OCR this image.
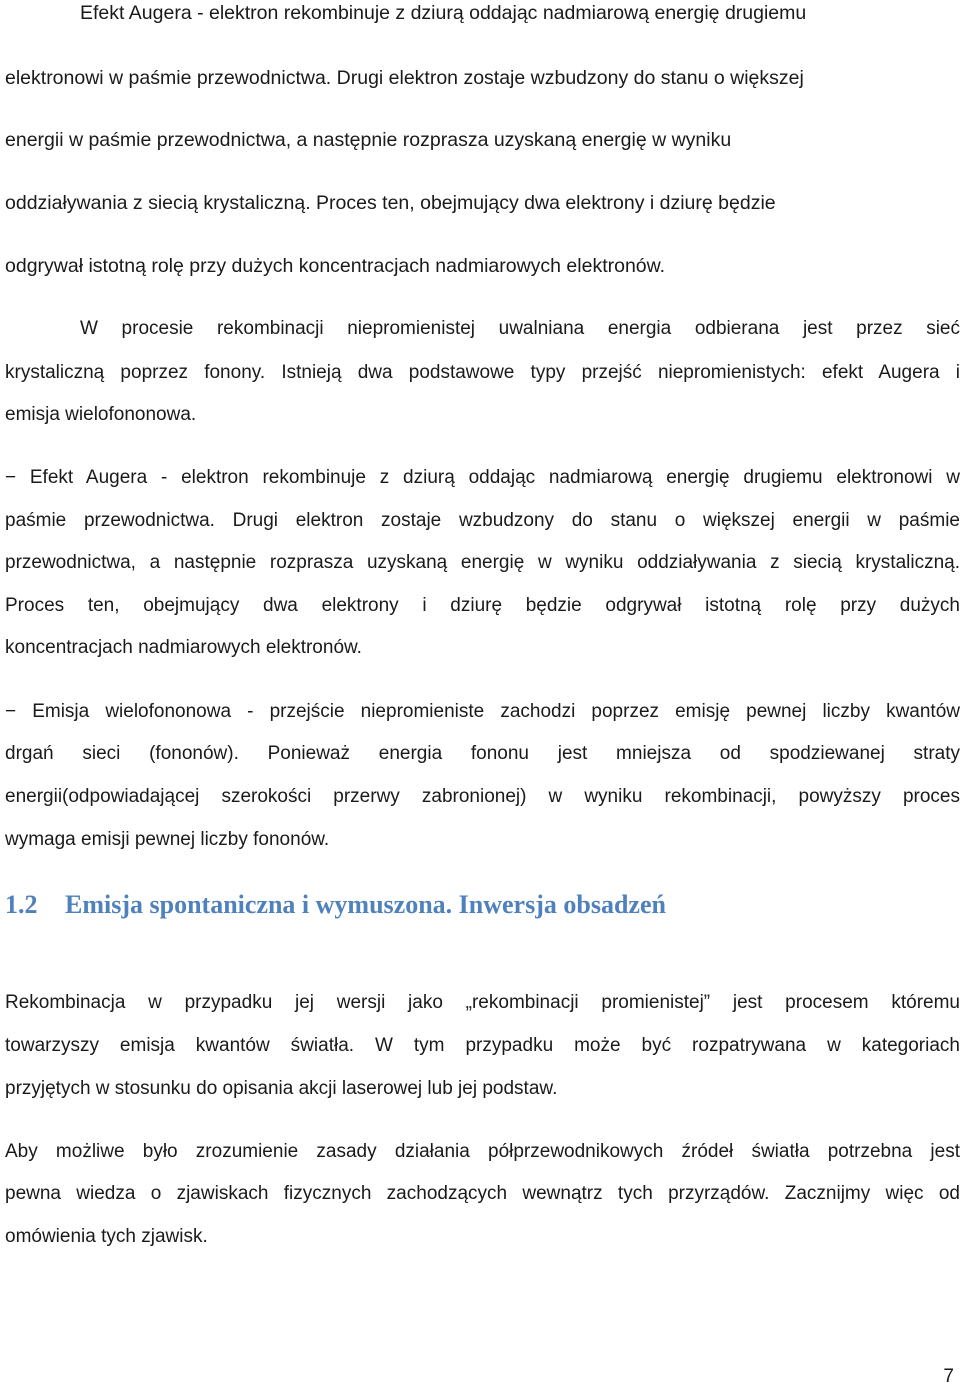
Efekt Augera - elektron rekombinuje z dziurą oddając nadmiarową energię drugiemu
elektronowi w paśmie przewodnictwa. Drugi elektron zostaje wzbudzony do stanu o większej
energii w paśmie przewodnictwa, a następnie rozprasza uzyskaną energię w wyniku
oddziaływania z siecią krystaliczną. Proces ten, obejmujący dwa elektrony i dziurę będzie
odgrywał istotną rolę przy dużych koncentracjach nadmiarowych elektronów.
W procesie rekombinacji niepromienistej uwalniana energia odbierana jest przez sieć
krystaliczną poprzez fonony. Istnieją dwa podstawowe typy przejść niepromienistych: efekt Augera i
emisja wielofononowa.
− Efekt Augera - elektron rekombinuje z dziurą oddając nadmiarową energię drugiemu elektronowi w
paśmie przewodnictwa. Drugi elektron zostaje wzbudzony do stanu o większej energii w paśmie
przewodnictwa, a następnie rozprasza uzyskaną energię w wyniku oddziaływania z siecią krystaliczną.
Proces ten, obejmujący dwa elektrony i dziurę będzie odgrywał istotną rolę przy dużych
koncentracjach nadmiarowych elektronów.
− Emisja wielofononowa - przejście niepromieniste zachodzi poprzez emisję pewnej liczby kwantów
drgań sieci (fononów). Ponieważ energia fononu jest mniejsza od spodziewanej straty
energii(odpowiadającej szerokości przerwy zabronionej) w wyniku rekombinacji, powyższy proces
wymaga emisji pewnej liczby fononów.
1.2 Emisja spontaniczna i wymuszona. Inwersja obsadzeń
Rekombinacja w przypadku jej wersji jako „rekombinacji promienistej” jest procesem któremu
towarzyszy emisja kwantów światła. W tym przypadku może być rozpatrywana w kategoriach
przyjętych w stosunku do opisania akcji laserowej lub jej podstaw.
Aby możliwe było zrozumienie zasady działania półprzewodnikowych źródeł światła potrzebna jest
pewna wiedza o zjawiskach fizycznych zachodzących wewnątrz tych przyrządów. Zacznijmy więc od
omówienia tych zjawisk.
7
